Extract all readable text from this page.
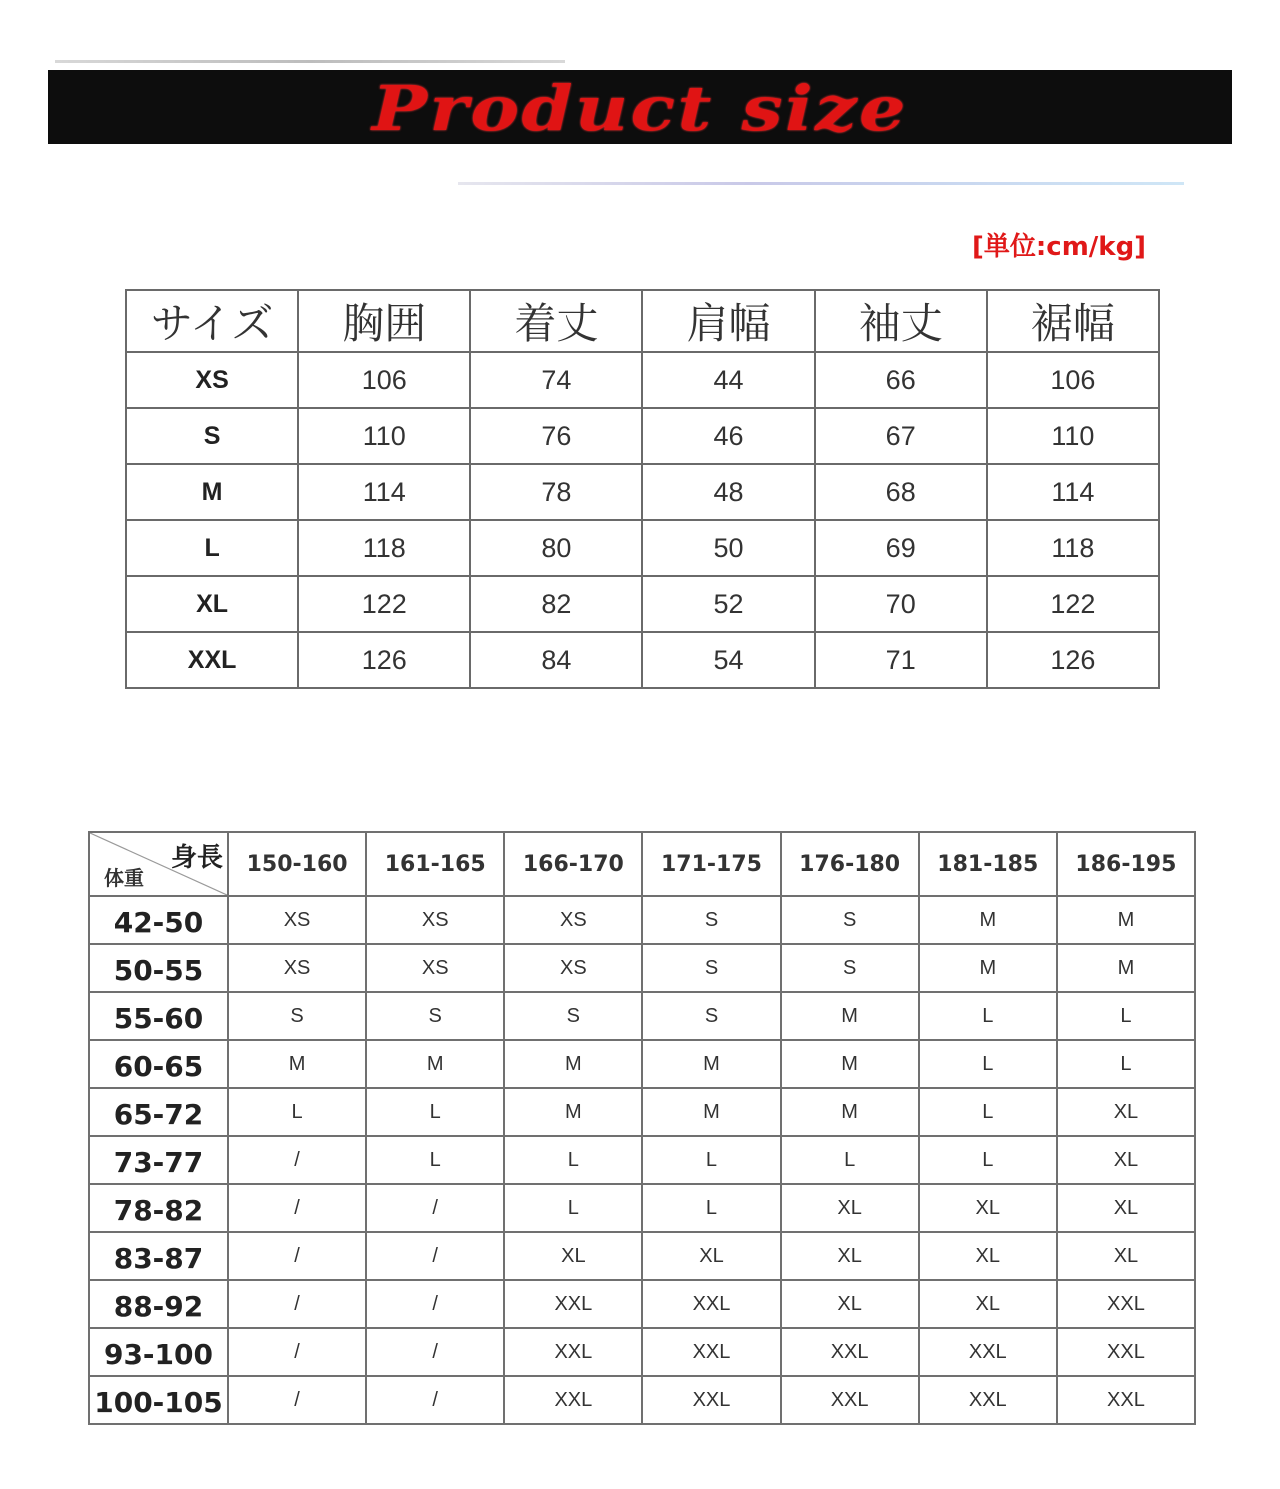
Product size
[単位:cm/kg]
サイズ	胸囲	着丈	肩幅	袖丈	裾幅
XS	106	74	44	66	106
S	110	76	46	67	110
M	114	78	48	68	114
L	118	80	50	69	118
XL	122	82	52	70	122
XXL	126	84	54	71	126
身長
体重	150-160	161-165	166-170	171-175	176-180	181-185	186-195
42-50	XS	XS	XS	S	S	M	M
50-55	XS	XS	XS	S	S	M	M
55-60	S	S	S	S	M	L	L
60-65	M	M	M	M	M	L	L
65-72	L	L	M	M	M	L	XL
73-77	/	L	L	L	L	L	XL
78-82	/	/	L	L	XL	XL	XL
83-87	/	/	XL	XL	XL	XL	XL
88-92	/	/	XXL	XXL	XL	XL	XXL
93-100	/	/	XXL	XXL	XXL	XXL	XXL
100-105	/	/	XXL	XXL	XXL	XXL	XXL
